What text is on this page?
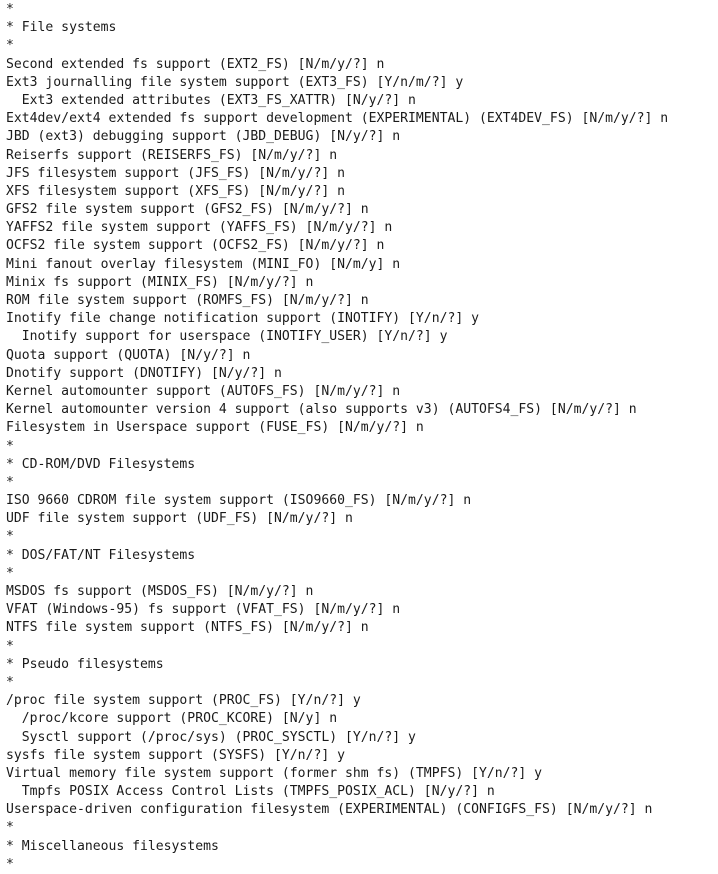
*
* File systems
*
Second extended fs support (EXT2_FS) [N/m/y/?] n
Ext3 journalling file system support (EXT3_FS) [Y/n/m/?] y
Ext3 extended attributes (EXT3_FS_XATTR) [N/y/?] n
Ext4dev/ext4 extended fs support development (EXPERIMENTAL) (EXT4DEV_FS) [N/m/y/?] n
JBD (ext3) debugging support (JBD_DEBUG) [N/y/?] n
Reiserfs support (REISERFS_FS) [N/m/y/?] n
JFS filesystem support (JFS_FS) [N/m/y/?] n
XFS filesystem support (XFS_FS) [N/m/y/?] n
GFS2 file system support (GFS2_FS) [N/m/y/?] n
YAFFS2 file system support (YAFFS_FS) [N/m/y/?] n
OCFS2 file system support (OCFS2_FS) [N/m/y/?] n
Mini fanout overlay filesystem (MINI_FO) [N/m/y] n
Minix fs support (MINIX_FS) [N/m/y/?] n
ROM file system support (ROMFS_FS) [N/m/y/?] n
Inotify file change notification support (INOTIFY) [Y/n/?] y
Inotify support for userspace (INOTIFY_USER) [Y/n/?] y
Quota support (QUOTA) [N/y/?] n
Dnotify support (DNOTIFY) [N/y/?] n
Kernel automounter support (AUTOFS_FS) [N/m/y/?] n
Kernel automounter version 4 support (also supports v3) (AUTOFS4_FS) [N/m/y/?] n
Filesystem in Userspace support (FUSE_FS) [N/m/y/?] n
*
* CD-ROM/DVD Filesystems
*
ISO 9660 CDROM file system support (ISO9660_FS) [N/m/y/?] n
UDF file system support (UDF_FS) [N/m/y/?] n
*
* DOS/FAT/NT Filesystems
*
MSDOS fs support (MSDOS_FS) [N/m/y/?] n
VFAT (Windows-95) fs support (VFAT_FS) [N/m/y/?] n
NTFS file system support (NTFS_FS) [N/m/y/?] n
*
* Pseudo filesystems
*
/proc file system support (PROC_FS) [Y/n/?] y
/proc/kcore support (PROC_KCORE) [N/y] n
Sysctl support (/proc/sys) (PROC_SYSCTL) [Y/n/?] y
sysfs file system support (SYSFS) [Y/n/?] y
Virtual memory file system support (former shm fs) (TMPFS) [Y/n/?] y
Tmpfs POSIX Access Control Lists (TMPFS_POSIX_ACL) [N/y/?] n
Userspace-driven configuration filesystem (EXPERIMENTAL) (CONFIGFS_FS) [N/m/y/?] n
*
* Miscellaneous filesystems
*
